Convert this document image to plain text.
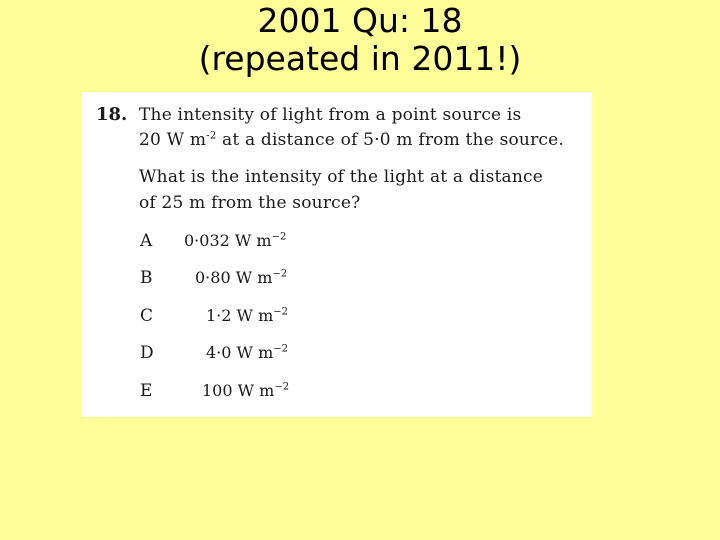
2001 Qu: 18
(repeated in 2011!)
18. The intensity of light from a point source is
20 W $m^{-2}$ at a distance of 5·0 m from the source.
What is the intensity of the light at a distance
of 25 m from the source?
A 0·032 W $m^{-2}$
B	0·80 W $m^{-2}$
C	1·2 W $m^{-2}$
D	4·0 W $m^{-2}$
E	100 W $m^{-2}$
